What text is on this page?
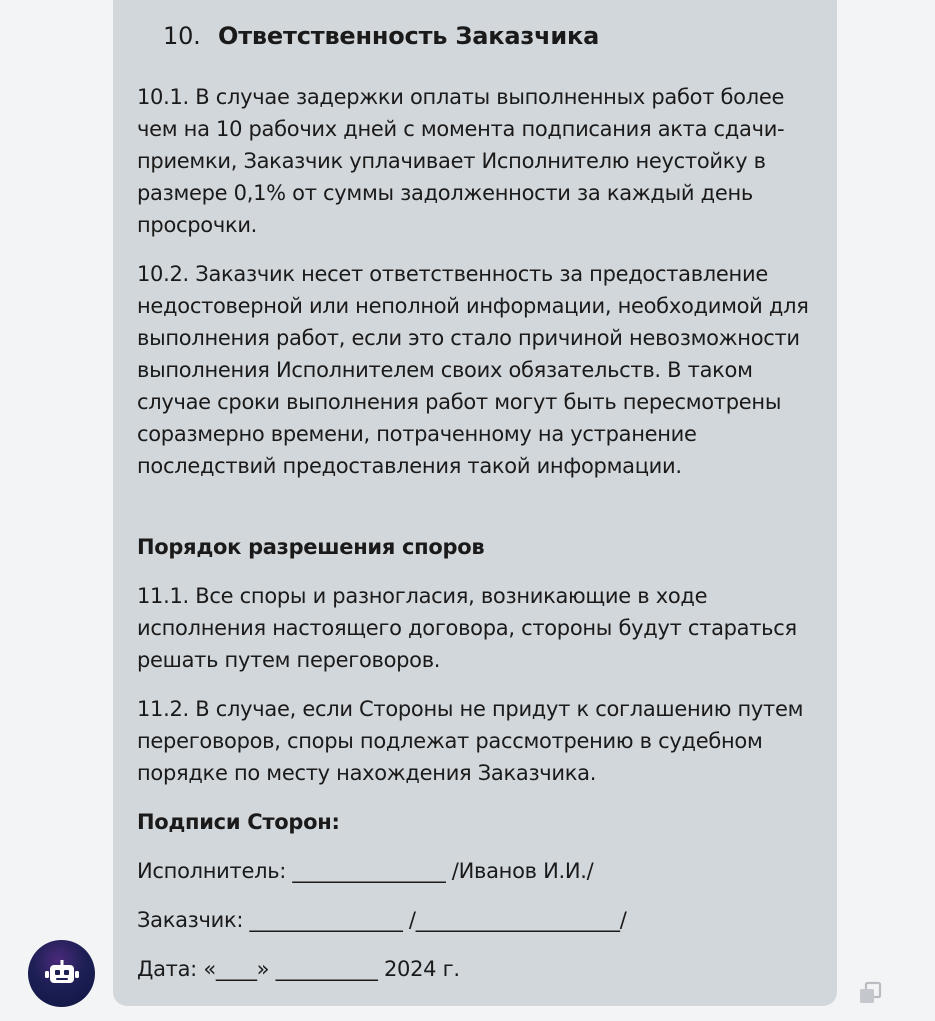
10. Ответственность Заказчика

10.1. В случае задержки оплаты выполненных работ более чем на 10 рабочих дней с момента подписания акта сдачи-приемки, Заказчик уплачивает Исполнителю неустойку в размере 0,1% от суммы задолженности за каждый день просрочки.

10.2. Заказчик несет ответственность за предоставление недостоверной или неполной информации, необходимой для выполнения работ, если это стало причиной невозможности выполнения Исполнителем своих обязательств. В таком случае сроки выполнения работ могут быть пересмотрены соразмерно времени, потраченному на устранение последствий предоставления такой информации.

Порядок разрешения споров

11.1. Все споры и разногласия, возникающие в ходе исполнения настоящего договора, стороны будут стараться решать путем переговоров.

11.2. В случае, если Стороны не придут к соглашению путем переговоров, споры подлежат рассмотрению в судебном порядке по месту нахождения Заказчика.

Подписи Сторон:

Исполнитель: _______________ /Иванов И.И./

Заказчик: _______________ /____________________/

Дата: «____» __________ 2024 г.
